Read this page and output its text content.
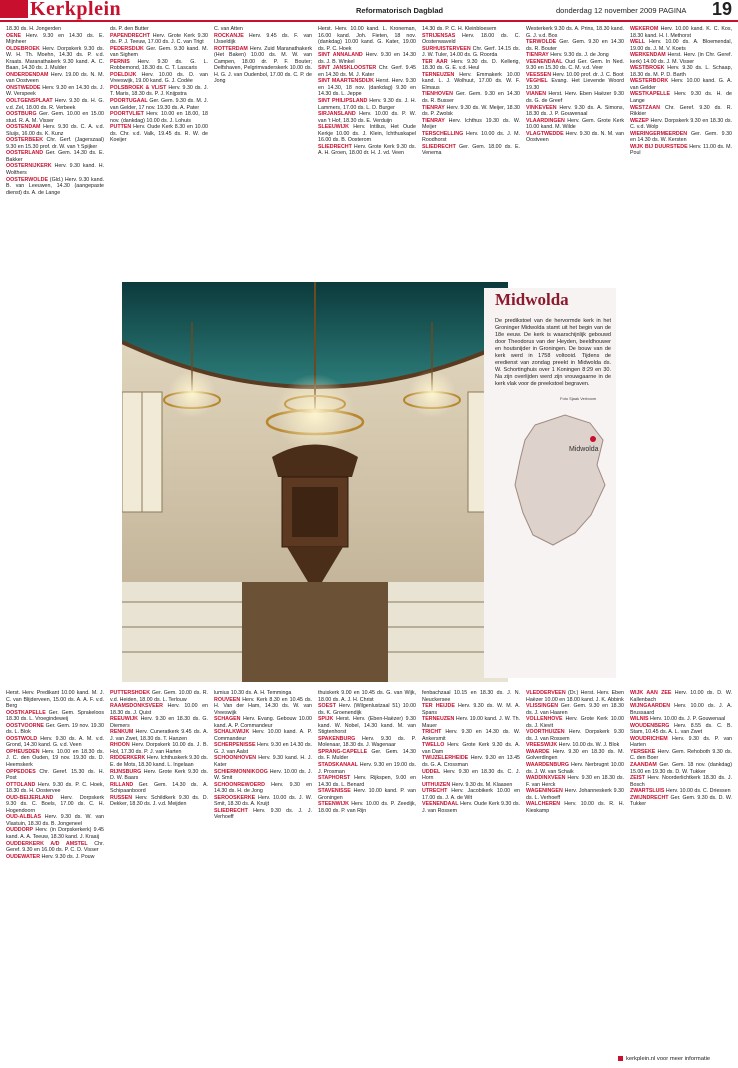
Kerkplein	Reformatorisch Dagblad	donderdag 12 november 2009 PAGINA 19

18.30 ds. H. Jongerden

OENE Herv. 9.30 en 14.30 ds. E. Mijnheer

OLDEBROEK Herv. Dorpskerk 9.30 ds. W. H. Th. Moehn, 14.30 ds. P. v.d. Kraats. Maranathakerk 9.30 kand. A. C. Baan, 14.30 ds. J. Mulder

ONDERDENDAM Herv. 19.00 ds. N. M. van Oostveen

ONSTWEDDE Herv. 9.30 en 14.30 ds. J. W. Verspeek

OOLTGENSPLAAT Herv. 9.30 ds. H. G. v.d. Zel, 18.00 ds. R. Verbeek

OOSTBURG Ger. Gem. 10.00 en 15.00 stud. R. A. M. Visser

OOSTENDAM Herv. 9.30 ds. C. A. v.d. Sluijs, 16.00 ds. K. Kunz

OOSTERBEEK Chr. Gerf. (Jagerszaal) 9.30 en 15.30 prof. dr. W. van 't Spijker

OOSTERLAND Ger. Gem. 14.30 ds. E. Bakker

OOSTERNIJKERK Herv. 9.30 kand. H. Wolthers

OOSTERWOLDE (Gld.) Herv. 9.30 kand. B. van Leeuwen, 14.30 (aangepaste dienst) ds. A. de Lange

ds. P. den Butter

PAPENDRECHT Herv. Grote Kerk 9.30 ds. P. J. Teeuw, 17.00 ds. J. C. van Trigt

PEDERSDIJK Ger. Gem. 9.30 kand. M. van Sighem

PERNIS Herv. 9.30 ds. G. L. Robbemond, 18.30 ds. C. T. Lascaris

POELDIJK Herv. 10.00 ds. D. van Vreeswijk, 19.00 kand. G. J. Codée

POLSBROEK & VLIST Herv. 9.30 ds. J. T. Maris, 18.30 ds. P. J. Knijpstra

POORTUGAAL Ger. Gem. 9.30 ds. M. J. van Gelder, 17 nov. 19.30 ds. A. Pater

POORTVLIET Herv. 10.00 en 18.00, 18 nov. (dankdag) 10.00 ds. J. Lohuis

PUTTEN Herv. Oude Kerk 8.30 en 10.00 ds. Chr. v.d. Valk, 19.45 ds. R. W. de Koeijer

C. van Atten

ROCKANJE Herv. 9.45 ds. F. van IJsseldijk

ROTTERDAM Herv. Zuid Maranathakerk (Het Baken) 10.00 ds. M. W. van Campen, 18.00 dr. P. F. Bouter; Delfshaven, Pelgrimvaderskerk 10.00 ds. H. G. J. van Oudenbol, 17.00 ds. C. P. de Jong

Herst. Herv. 10.00 kand. L. Kroneman, 16.00 kand. Joh. Fieten, 18 nov. (dankdag) 10.00 kand. G. Kater, 19.00 ds. P. C. Hoek

SINT ANNALAND Herv. 9.30 en 14.30 ds. J. B. Winkel

SINT JANSKLOOSTER Chr. Gerf. 9.45 en 14.30 ds. M. J. Kater

SINT MAARTENSDIJK Herst. Herv. 9.30 en 14.30, 18 nov. (dankdag) 9.30 en 14.30 ds. L. Jeppe

SINT PHILIPSLAND Herv. 9.30 ds. J. H. Lammers, 17.00 ds. L. D. Burger

SIRJANSLAND Herv. 10.00 ds. P. W. van 't Hof, 18.30 ds. E. Verduijn

SLEEUWIJK Herv. Intilius, Het Oude Kerkje 10.00 ds. J. Klein, Ichthuskapel 16.00 ds. B. Oosterom

SLIEDRECHT Herv. Grote Kerk 9.30 ds. A. H. Groen, 18.00 dr. H. J. vd. Veen

14.30 ds. P. C. H. Kleinbloesem

STRIJENSAS Herv. 18.00 ds. C. Oostenwaveld

SURHUISTERVEEN Chr. Gerf. 14.15 ds. J. W. Tuler, 14.00 ds. G. Roorda

TER AAR Herv. 9.30 ds. D. Kellerig, 18.30 ds. G. E. v.d. Heul

TERNEUZEN Herv. Emmakerk 10.00 kand. L. J. Wolhuut, 17.00 ds. W. F. Elmaus

TIENHOVEN Ger. Gem. 9.30 en 14.30 ds. R. Busser

TIENRAY Herv. 9.30 ds. W. Meijer, 18.30 ds. P. Zwolsk

TIENRAY Herv. Ichthus 19.30 ds. W. Meijer

TERSCHELLING Herv. 10.00 ds. J. M. Roodhorst

SLIEDRECHT Ger. Gem. 18.00 ds. E. Venema

Westerkerk 9.30 ds. A. Prins, 18.30 kand. G. J. v.d. Bos

TERWOLDE Ger. Gem. 9.30 en 14.30 ds. R. Bouter

TIENRAY Herv. 9.30 ds. J. de Jong

VEENENDAAL Oud Ger. Gem. In Ned. 9.30 en 15.30 ds. C. M. v.d. Veer

VEESSEN Herv. 10.00 prof. dr. J. C. Boot

VEGHEL Evang. Het Lievende Woord 19.30

VIANEN Herst. Herv. Eben Haëzer 9.30 ds. G. de Greef

VINKEVEEN Herv. 9.30 ds. A. Simons, 18.30 ds. J. P. Gouwenaal

VLAARDINGEN Herv. Gem. Grote Kerk 10.00 kand. M. Wilde

VLAGTWEDDE Herv. 9.30 ds. N. M. van Oostveen

WEKEROM Herv. 10.00 kand. K. C. Kos, 18.30 kand. H. I. Methorst

WELL Herv. 10.00 ds. A. Bloemendal, 19.00 ds. J. M. V. Koets

WERKENDAM Herst. Herv. (in Chr. Geref. kerk) 14.00 ds. J. M. Visser

WESTBROEK Herv. 9.30 ds. L. Schaap, 18.30 ds. M. P. D. Barth

WESTERBORK Herv. 10.00 kand. G. A. van Gelder

WESTKAPELLE Herv. 9.30 ds. H. de Lange

WESTZAAN Chr. Geref. 9.30 ds. R. Rikkier

WEZEP Herv. Dorpskerk 9.30 en 18.30 ds. C. v.d. Wolp

WIERINGERMEERDEN Ger. Gem. 9.30 en 14.30 ds. W. Kersten

WIJK BIJ DUURSTEDE Herv. 11.00 ds. M. Poul

Midwolda
De predikstoel van de hervormde kerk in het Groninger Midwolda stamt uit het begin van de 18e eeuw. De kerk is waarschijnlijk gebouwd door Theodorus van der Heyden, beeldhouwer en houtsnijder in Groningen. De bouw van de kerk werd in 1758 voltooid. Tijdens de eredienst van zondag preekt in Midwolda ds. W. Schortinghuis over 1 Koningen 8:29 en 30. Na zijn overlijden werd zijn vrouwgaarne in de kerk vlak voor de preekstoel begraven.
Foto Sjaak Verboom
Midwolda

Herst. Herv. Predikant 10.00 kand. M. J. C. van Blijderveen, 15.00 ds. A. A. F. v.d. Berg

OOSTKAPELLE Ger. Gem. Sprakeloos 18.30 ds. L. Vroegindeweij

OOSTVOORNE Ger. Gem. 19 nov. 19.30 ds. L. Blok

OOSTWOLD Herv. 9.30 ds. A. M. v.d. Grond, 14.30 kand. G. v.d. Veen

OPHEUSDEN Herv. 10.00 en 18.30 ds. J. C. den Ouden, 19 nov. 19.30 ds. D. Heemskerk

OPPEDOES Chr. Geref. 15.30 ds. H. Post

OTTOLAND Herv. 9.30 ds. P. C. Hoek, 18.30 ds. H. Oostervee

OUD-BEIJERLAND Herv. Dorpskerk 9.30 ds. C. Boels, 17.00 ds. C. H. Hogendoorn

OUD-ALBLAS Herv. 9.30 ds. W. van Vlastuin, 18.30 ds. B. Jongeneel

OUDDORP Herv. (in Dorpskerkerk) 9.45 kand. A. A. Teeuw, 18.30 kand. J. Kraaij

OUDDERKERK A/D AMSTEL Chr. Geref. 9.30 en 16.00 ds. P. C. D. Visser

OUDEWATER Herv. 9.30 ds. J. Pouw

PUTTERSHOEK Ger. Gem. 10.00 ds. R. v.d. Heiden, 18.00 ds. L. Terlouw

RAAMSDONKSVEER Herv. 10.00 en 18.30 ds. J. Quist

REEUWIJK Herv. 9.30 en 18.30 ds. G. Diemers

RENKUM Herv. Cuneratkerk 9.45 ds. A. J. van Zwet, 18.30 ds. T. Hanzen

RHOON Herv. Dorpskerk 10.00 ds. J. B. Hol, 17.30 ds. P. J. van Harten

RIDDERKERK Herv. Ichthuskerk 9.30 ds. E. de Mots, 18.30 kand. L. Ingelaan

RIJNSBURG Herv. Grote Kerk 9.30 ds. D. W. Baars

RILLAND Ger. Gem. 14.30 ds. A. Schipaanboord

RUSSEN Herv. Schildkerk 9.30 ds. D. Dekker, 18.30 ds. J. v.d. Meijden

lumius 10.30 ds. A. H. Temminga

ROUVEEN Herv. Kerk 8.30 en 10.45 ds. H. Van der Ham, 14.30 ds. W. van Vreeswijk

SCHAGEN Herv. Evang. Gebouw 10.00 kand. A. P. Commandeur

SCHALKWIJK Herv. 10.00 kand. A. P. Commandeur

SCHERPENISSE Herv. 9.30 en 14.30 ds. G. J. van Aalst

SCHOONHOVEN Herv. 9.30 kand. H. J. Kater

SCHIERMONNIKOOG Herv. 10.00 ds. J. W. Smit

SCHOONREWOERD Herv. 9.30 en 14.30 ds. H. de Jong

SEROOSKERKE Herv. 10.00 ds. J. W. Smit, 18.30 ds. A. Kruijt

SLIEDRECHT Herv. 9.30 ds. J. J. Verhoeff

thuiskerk 9.00 en 10.45 ds. G. van Wijk, 18.00 ds. A. J. H. Christ

SOEST Herv. (Wilgenlustzaal 51) 10.00 ds. K. Groenendijk

SPIJK Herst. Herv. (Eben-Haëzer) 9.30 kand. W. Nobel, 14.30 kand. M. van Stigtenhorst

SPAKENBURG Herv. 9.30 ds. P. Molenaar, 18.30 ds. J. Wagenaar

SPRANG-CAPELLE Ger. Gem. 14.30 ds. F. Mulder

STADSKANAAL Herv. 9.30 en 19.00 ds. J. Prosman

STAPHORST Herv. Rijkspen, 9.00 en 14.30 ds. L. Benard

STAVENISSE Herv. 10.00 kand. P. van Groningen

STEENWIJK Herv. 10.00 ds. P. Zeedijk, 18.00 ds. P. van Rijn

fenbachzaal 10.15 en 18.30 ds. J. N. Neuckersee

TER HEIJDE Herv. 9.30 ds. W. M. A. Spans

TERNEUZEN Herv. 19.00 kand. J. W. Th. Mauer

TRICHT Herv. 9.30 en 14.30 ds. W. Ankersmit

TWELLO Herv. Grote Kerk 9.30 ds. A. van Dam

TWIJZELERHEIDE Herv. 9.30 en 13.45 ds. G. A. Crossman

UDDEL Herv. 9.30 en 18.30 ds. C. J. Horn

UITHUIZEN Herv. 9.30 ds. M. Klaasen

UTRECHT Herv. Jacobikerk 10.00 en 17.00 ds. J. A. de Wit

VEENENDAAL Herv. Oude Kerk 9.30 ds. J. van Rossem

VLEDDERVEEN (Dr.) Herst. Herv. Eben Haëzer 10.00 en 18.00 kand. J. K. Abbink

VLISSINGEN Ger. Gem. 9.30 en 18.30 ds. J. van Haaren

VOLLENHOVE Herv. Grote Kerk 10.00 ds. J. Kievit

VOORTHUIZEN Herv. Dorpskerk 9.30 ds. J. van Rossem

VREESWIJK Herv. 10.00 ds. W. J. Blok

WAARDE Herv. 9.30 en 18.30 ds. M. Golverdingen

WAARDENBURG Herv. Nerbrugnt 10.00 ds. J. W. van Schaik

WADDINXVEEN Herv. 9.30 en 18.30 ds. F. van Herck

WAGENINGEN Herv. Johanneskerk 9.30 ds. L. Verhoeff

WALCHEREN Herv. 10.00 ds. R. H. Kieskamp

WIJK AAN ZEE Herv. 10.00 ds. D. W. Kallenbach

WIJNGAARDEN Herv. 10.00 ds. J. A. Brussaard

WILNIS Herv. 10.00 ds. J. P. Gouwenaal

WOUDENBERG Herv. 8.55 ds. C. B. Stam, 10.45 ds. A. L. van Zwet

WOUDRICHEM Herv. 9.30 ds. P. van Harten

YERSEKE Herv. Gem. Rehoboth 9.30 ds. C. den Boer

ZAANDAM Ger. Gem. 18 nov. (dankdag) 15.00 en 19.30 ds. D. W. Tukker

ZEIST Herv. Noorderlichtkerk 18.30 ds. J. Bosch

ZWARTSLUIS Herv. 10.00 ds. C. Driessen

ZWIJNDRECHT Ger. Gem. 9.30 ds. D. W. Tukker

kerkplein.nl voor meer informatie
